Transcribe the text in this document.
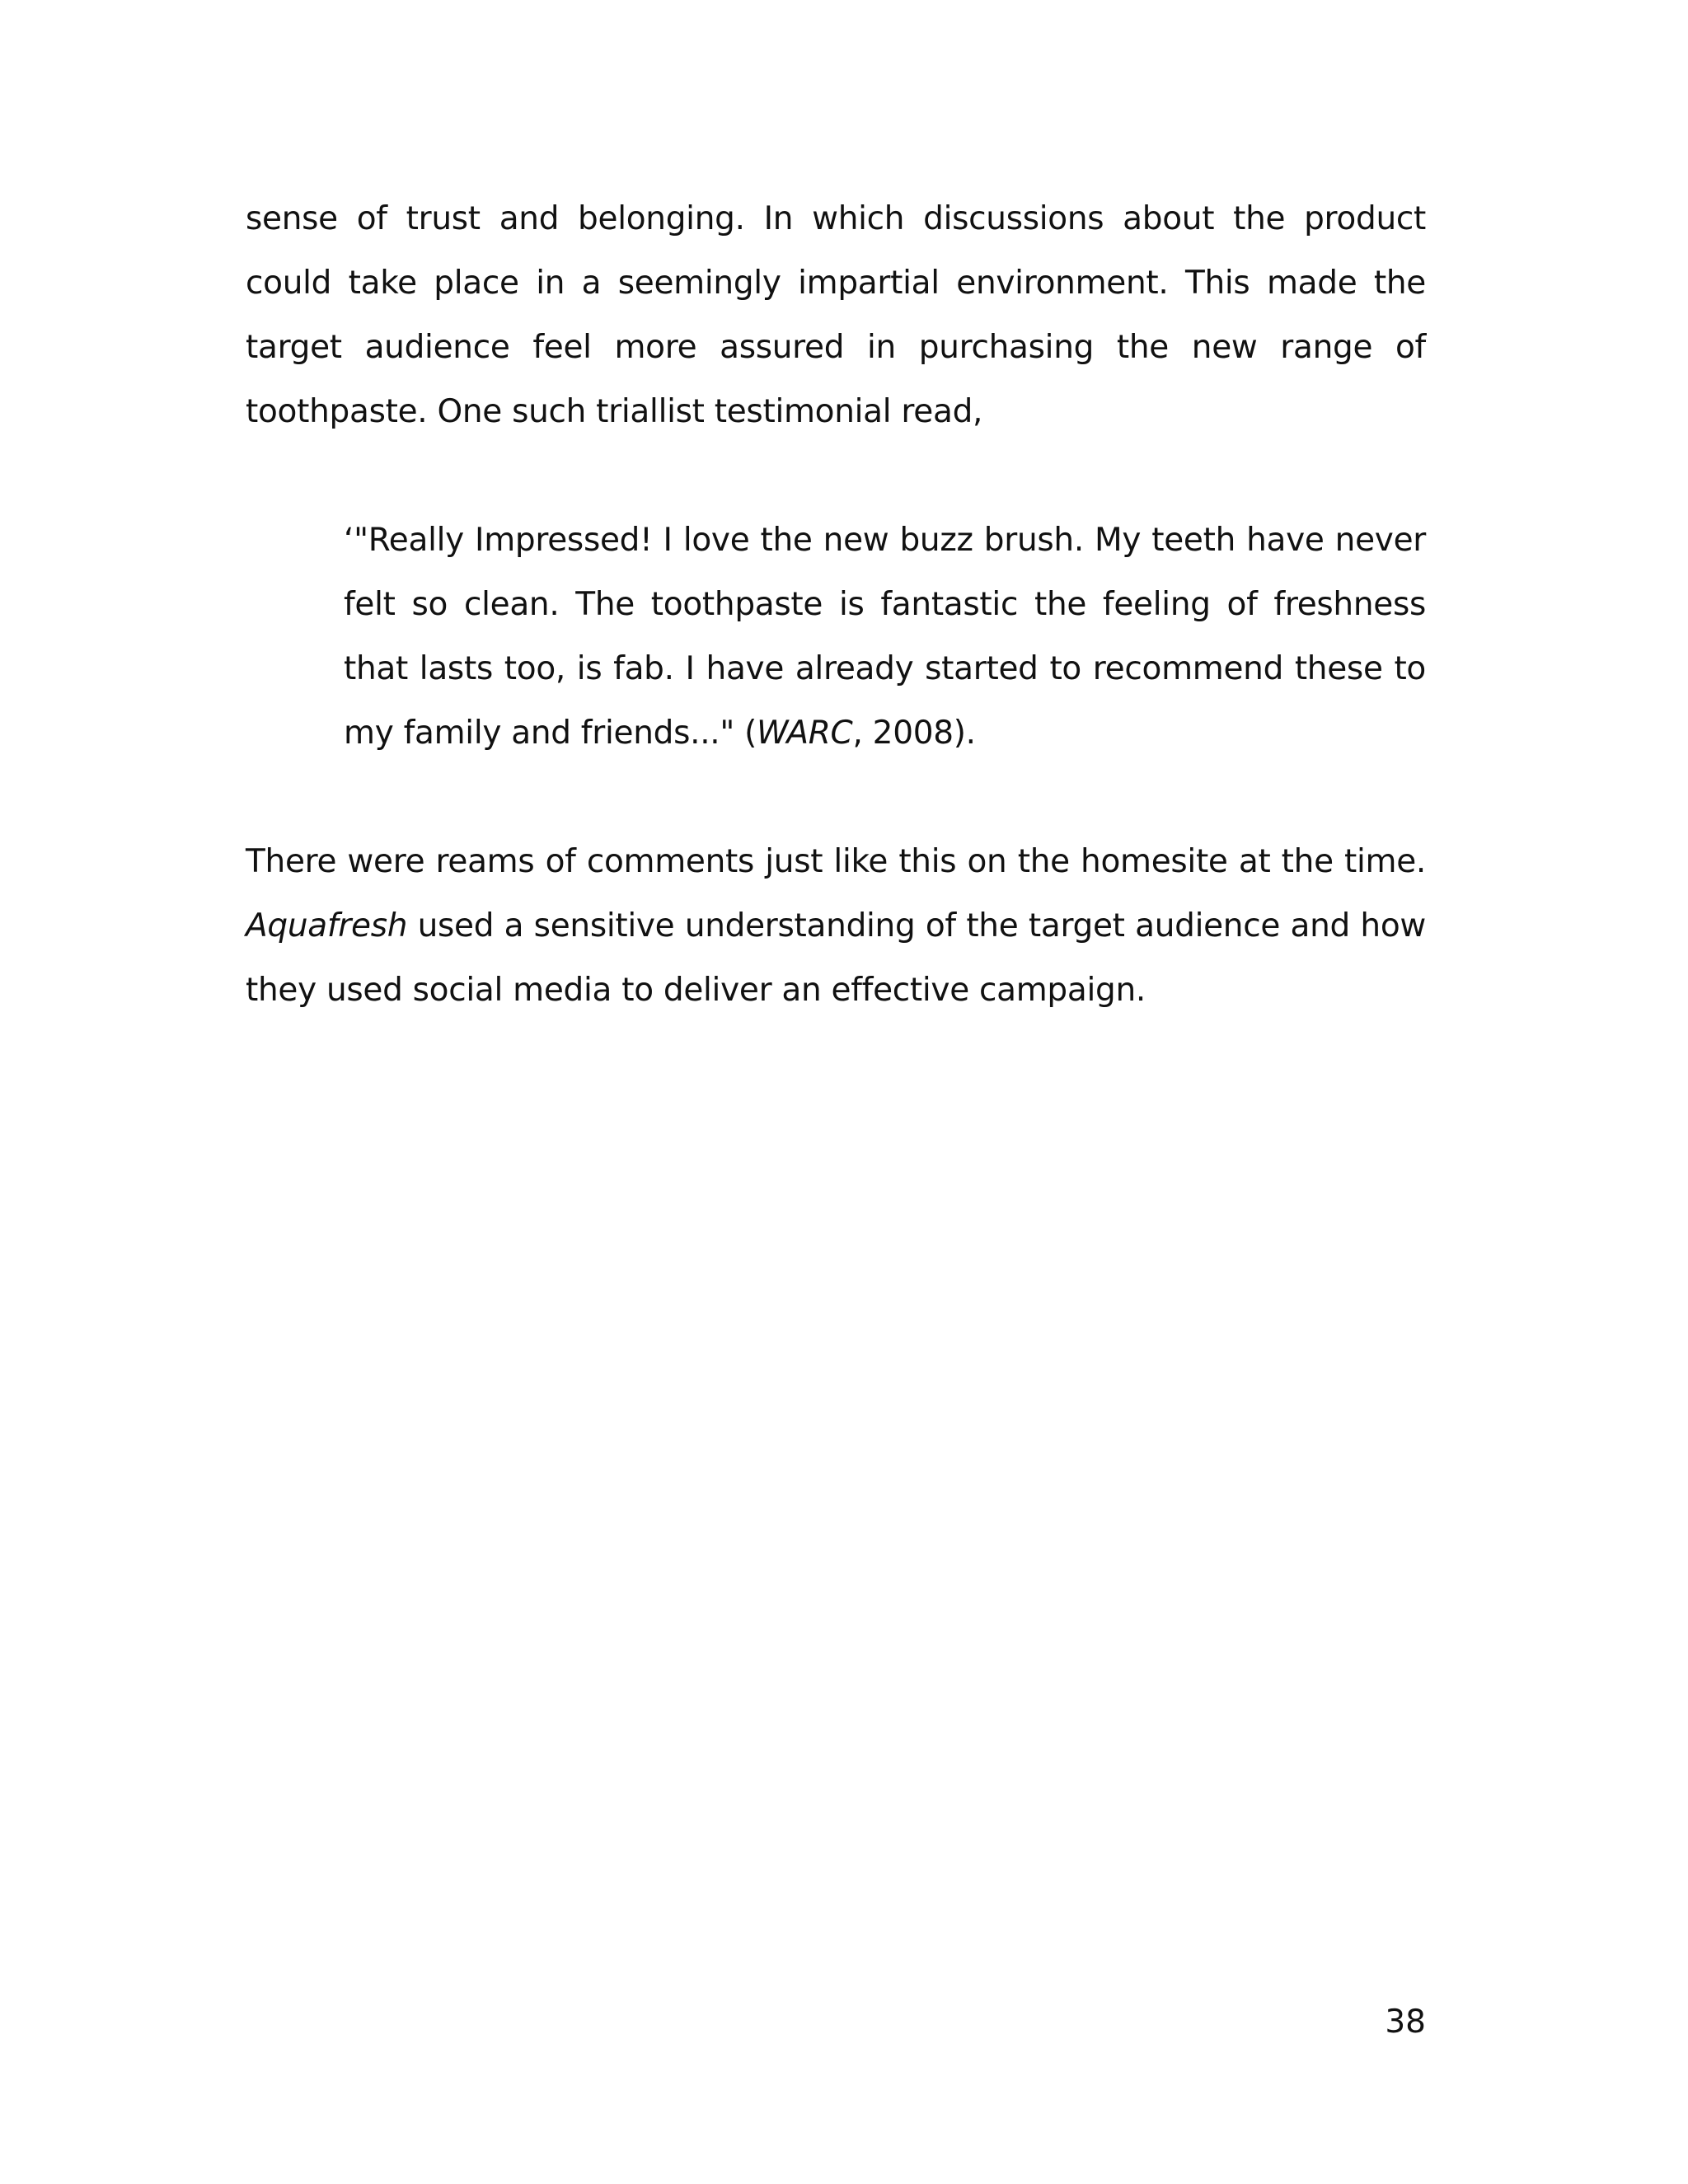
sense of trust and belonging. In which discussions about the product could take place in a seemingly impartial environment. This made the target audience feel more assured in purchasing the new range of toothpaste. One such triallist testimonial read,

‘"Really Impressed! I love the new buzz brush. My teeth have never felt so clean. The toothpaste is fantastic the feeling of freshness that lasts too, is fab. I have already started to recommend these to my family and friends..." (WARC, 2008).

There were reams of comments just like this on the homesite at the time. Aquafresh used a sensitive understanding of the target audience and how they used social media to deliver an effective campaign.

38
